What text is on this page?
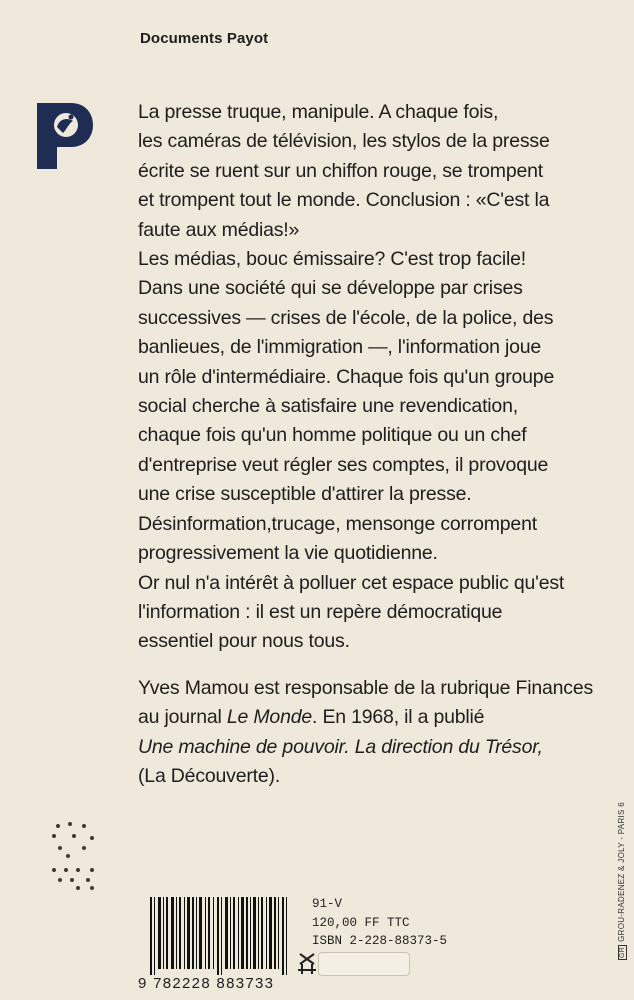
Documents Payot

La presse truque, manipule. A chaque fois,

les caméras de télévision, les stylos de la presse

écrite se ruent sur un chiffon rouge, se trompent

et trompent tout le monde. Conclusion : «C'est la

faute aux médias!»

Les médias, bouc émissaire? C'est trop facile!

Dans une société qui se développe par crises

successives — crises de l'école, de la police, des

banlieues, de l'immigration —, l'information joue

un rôle d'intermédiaire. Chaque fois qu'un groupe

social cherche à satisfaire une revendication,

chaque fois qu'un homme politique ou un chef

d'entreprise veut régler ses comptes, il provoque

une crise susceptible d'attirer la presse.

Désinformation,trucage, mensonge corrompent

progressivement la vie quotidienne.

Or nul n'a intérêt à polluer cet espace public qu'est

l'information : il est un repère démocratique

essentiel pour nous tous.

Yves Mamou est responsable de la rubrique Finances

au journal Le Monde. En 1968, il a publié

Une machine de pouvoir. La direction du Trésor,

(La Découverte).

9 782228 883733
91-V
120,00 FF TTC
ISBN 2-228-88373-5
GRGROU-RADENEZ & JOLY - PARIS 6
